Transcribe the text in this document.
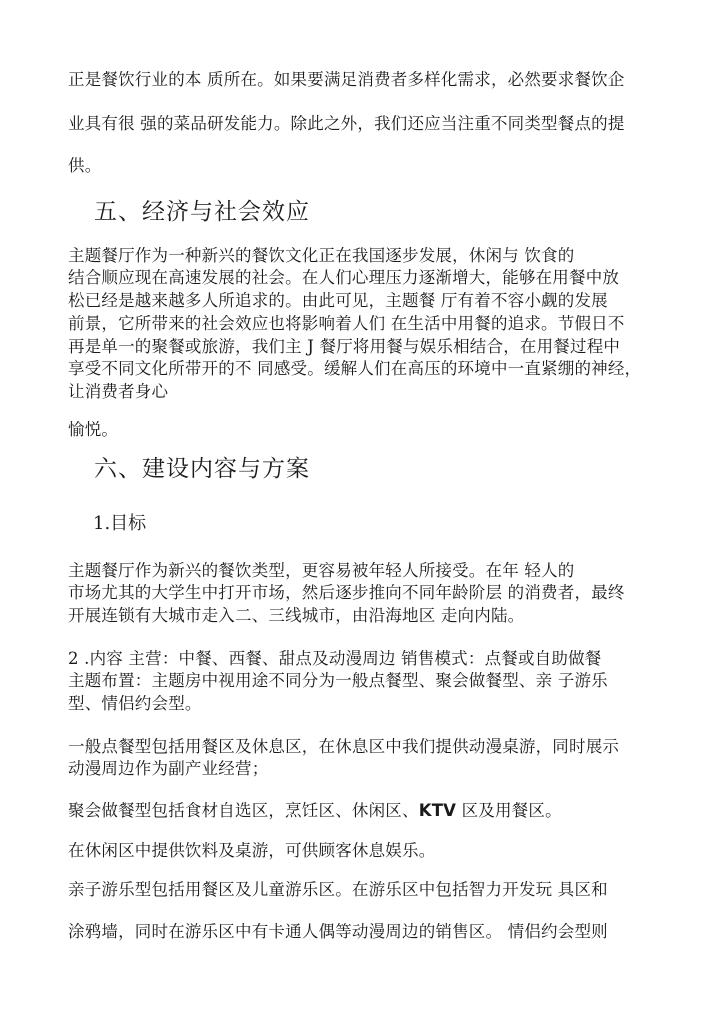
正是餐饮行业的本 质所在。如果要满足消费者多样化需求，必然要求餐饮企
业具有很 强的菜品研发能力。除此之外，我们还应当注重不同类型餐点的提
供。
五、经济与社会效应
主题餐厅作为一种新兴的餐饮文化正在我国逐步发展，休闲与 饮食的
结合顺应现在高速发展的社会。在人们心理压力逐渐增大，能够在用餐中放
松已经是越来越多人所追求的。由此可见，主题餐 厅有着不容小觑的发展
前景，它所带来的社会效应也将影响着人们 在生活中用餐的追求。节假日不
再是单一的聚餐或旅游，我们主 J 餐厅将用餐与娱乐相结合，在用餐过程中
享受不同文化所带开的不 同感受。缓解人们在高压的环境中一直紧绷的神经，
让消费者身心
愉悦。
六、建设内容与方案
1.目标
主题餐厅作为新兴的餐饮类型，更容易被年轻人所接受。在年 轻人的
市场尤其的大学生中打开市场，然后逐步推向不同年龄阶层 的消费者，最终
开展连锁有大城市走入二、三线城市，由沿海地区 走向内陆。
2 .内容 主营：中餐、西餐、甜点及动漫周边 销售模式：点餐或自助做餐
主题布置：主题房中视用途不同分为一般点餐型、聚会做餐型、亲 子游乐
型、情侣约会型。
一般点餐型包括用餐区及休息区，在休息区中我们提供动漫桌游，同时展示
动漫周边作为副产业经营；
聚会做餐型包括食材自选区，烹饪区、休闲区、KTV 区及用餐区。
在休闲区中提供饮料及桌游，可供顾客休息娱乐。
亲子游乐型包括用餐区及儿童游乐区。在游乐区中包括智力开发玩 具区和
涂鸦墙，同时在游乐区中有卡通人偶等动漫周边的销售区。 情侣约会型则
